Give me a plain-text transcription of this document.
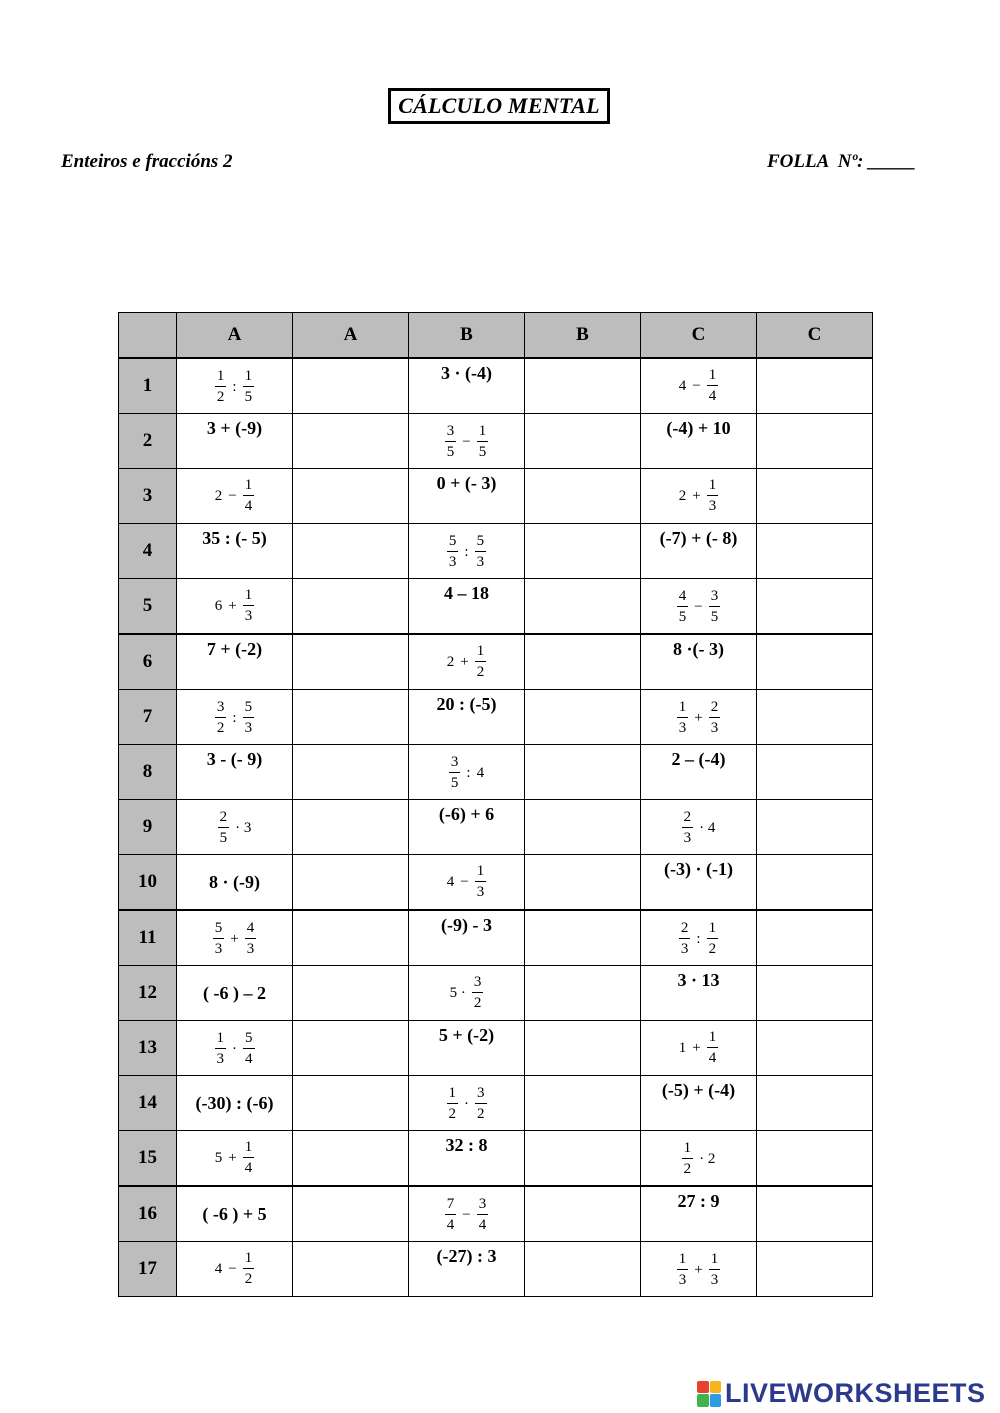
CÁLCULO MENTAL
Enteiros e fraccións 2	FOLLA  Nº: _____
	A	A	B	B	C	C
1	$\frac{1}{2}$ : $\frac{1}{5}$		3 · (-4)		$4 - \frac{1}{4}$

2	3 + (-9)		$\frac{3}{5} - \frac{1}{5}$		(-4) + 10	
3	$2 - \frac{1}{4}$		0 + (- 3)		$2 + \frac{1}{3}$

4	35 : (- 5)		$\frac{5}{3}$ : $\frac{5}{3}$		(-7) + (- 8)	
5	$6 + \frac{1}{3}$		4 – 18		$\frac{4}{5} - \frac{3}{5}$

6	7 + (-2)		$2 + \frac{1}{2}$		8 ·(- 3)	
7	$\frac{3}{2}$ : $\frac{5}{3}$		20 : (-5)		$\frac{1}{3} + \frac{2}{3}$

8	3 - (- 9)		$\frac{3}{5}$ : 4		2 – (-4)	
9	$\frac{2}{5} \cdot 3$		(-6) + 6		$\frac{2}{3} \cdot 4$	

10	8 · (-9)		$4 - \frac{1}{3}$		(-3) · (-1)	
11	$\frac{5}{3} + \frac{4}{3}$		(-9) - 3		$\frac{2}{3}$ : $\frac{1}{2}$

12	( -6 ) – 2		$5 \cdot \frac{3}{2}$		3 · 13	
13	$\frac{1}{3} \cdot \frac{5}{4}$		5 + (-2)		$1 + \frac{1}{4}$

14	(-30) : (-6)		$\frac{1}{2} \cdot \frac{3}{2}$		(-5) + (-4)	
15	$5 + \frac{1}{4}$		32 : 8		$\frac{1}{2} \cdot 2$	

16	( -6 ) + 5		$\frac{7}{4} - \frac{3}{4}$		27 : 9	
17	$4 - \frac{1}{2}$		(-27) : 3		$\frac{1}{3} + \frac{1}{3}$

LIVEWORKSHEETS
